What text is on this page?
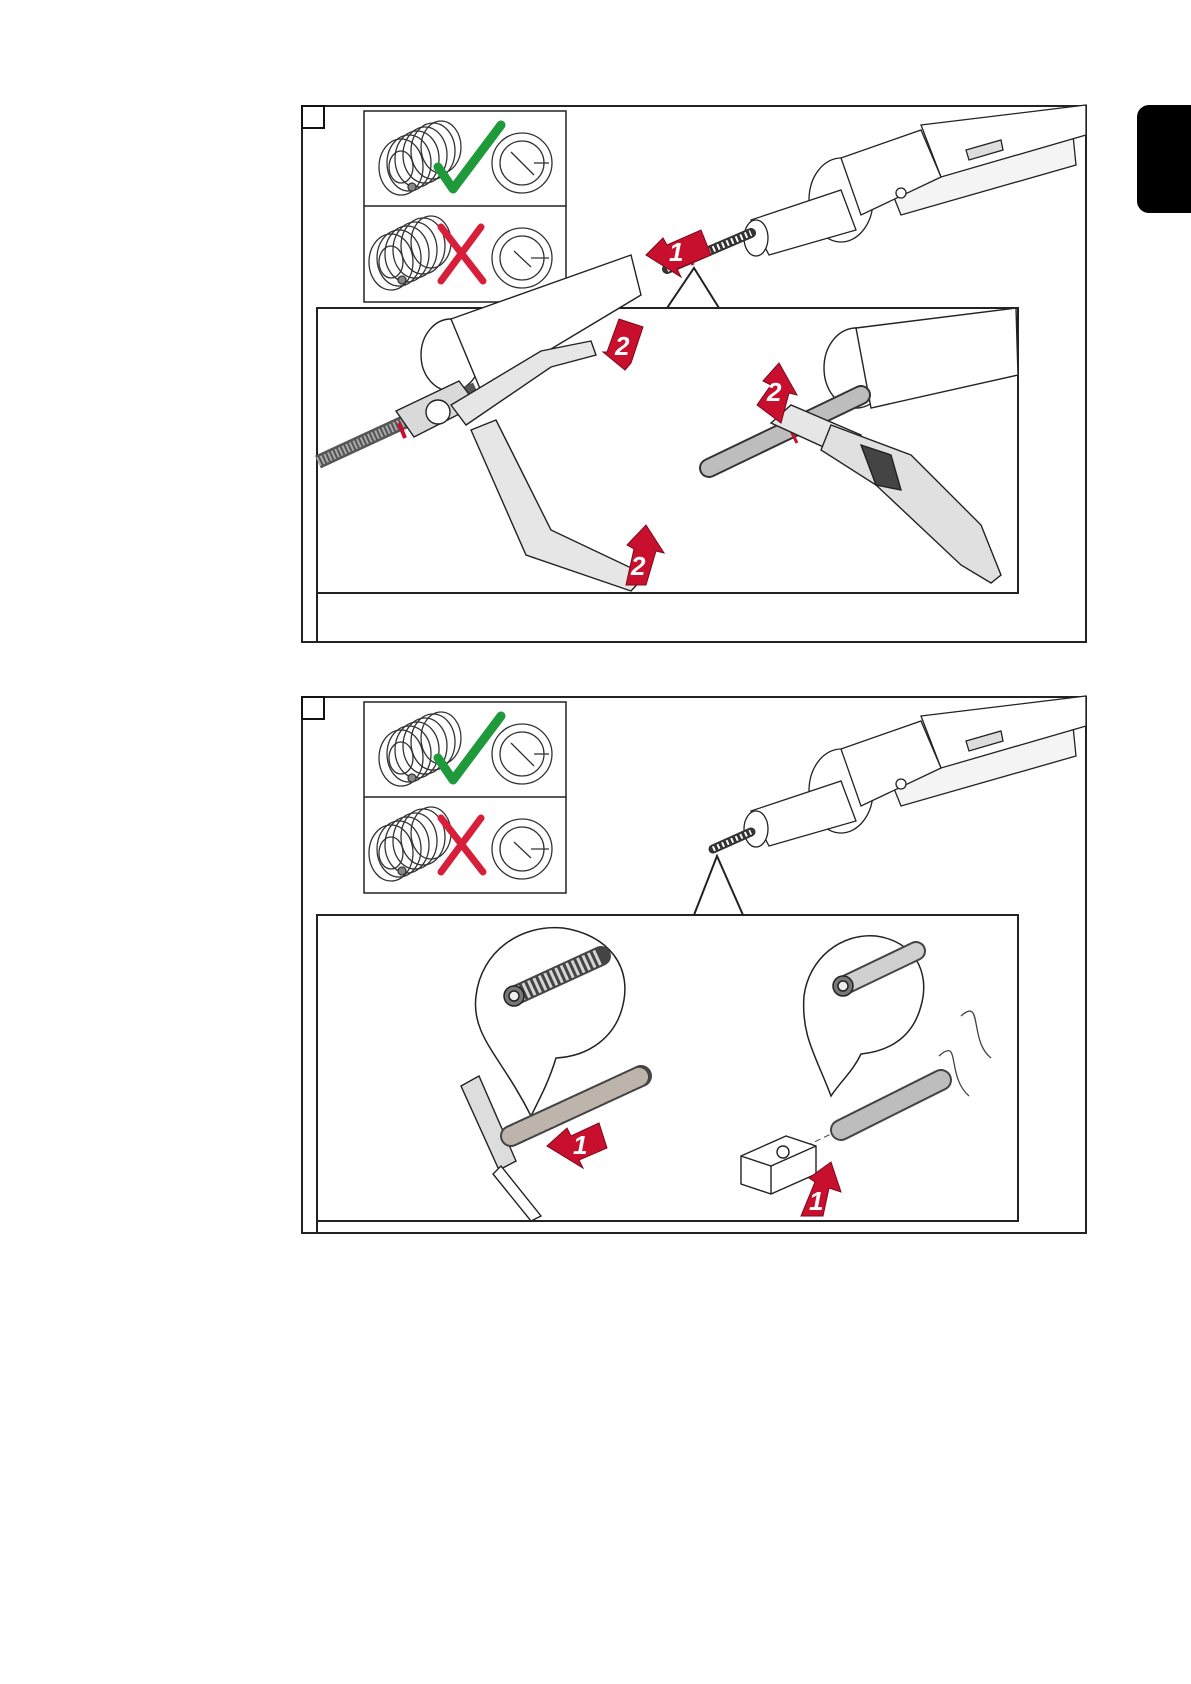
1
2
2
2
1
1
